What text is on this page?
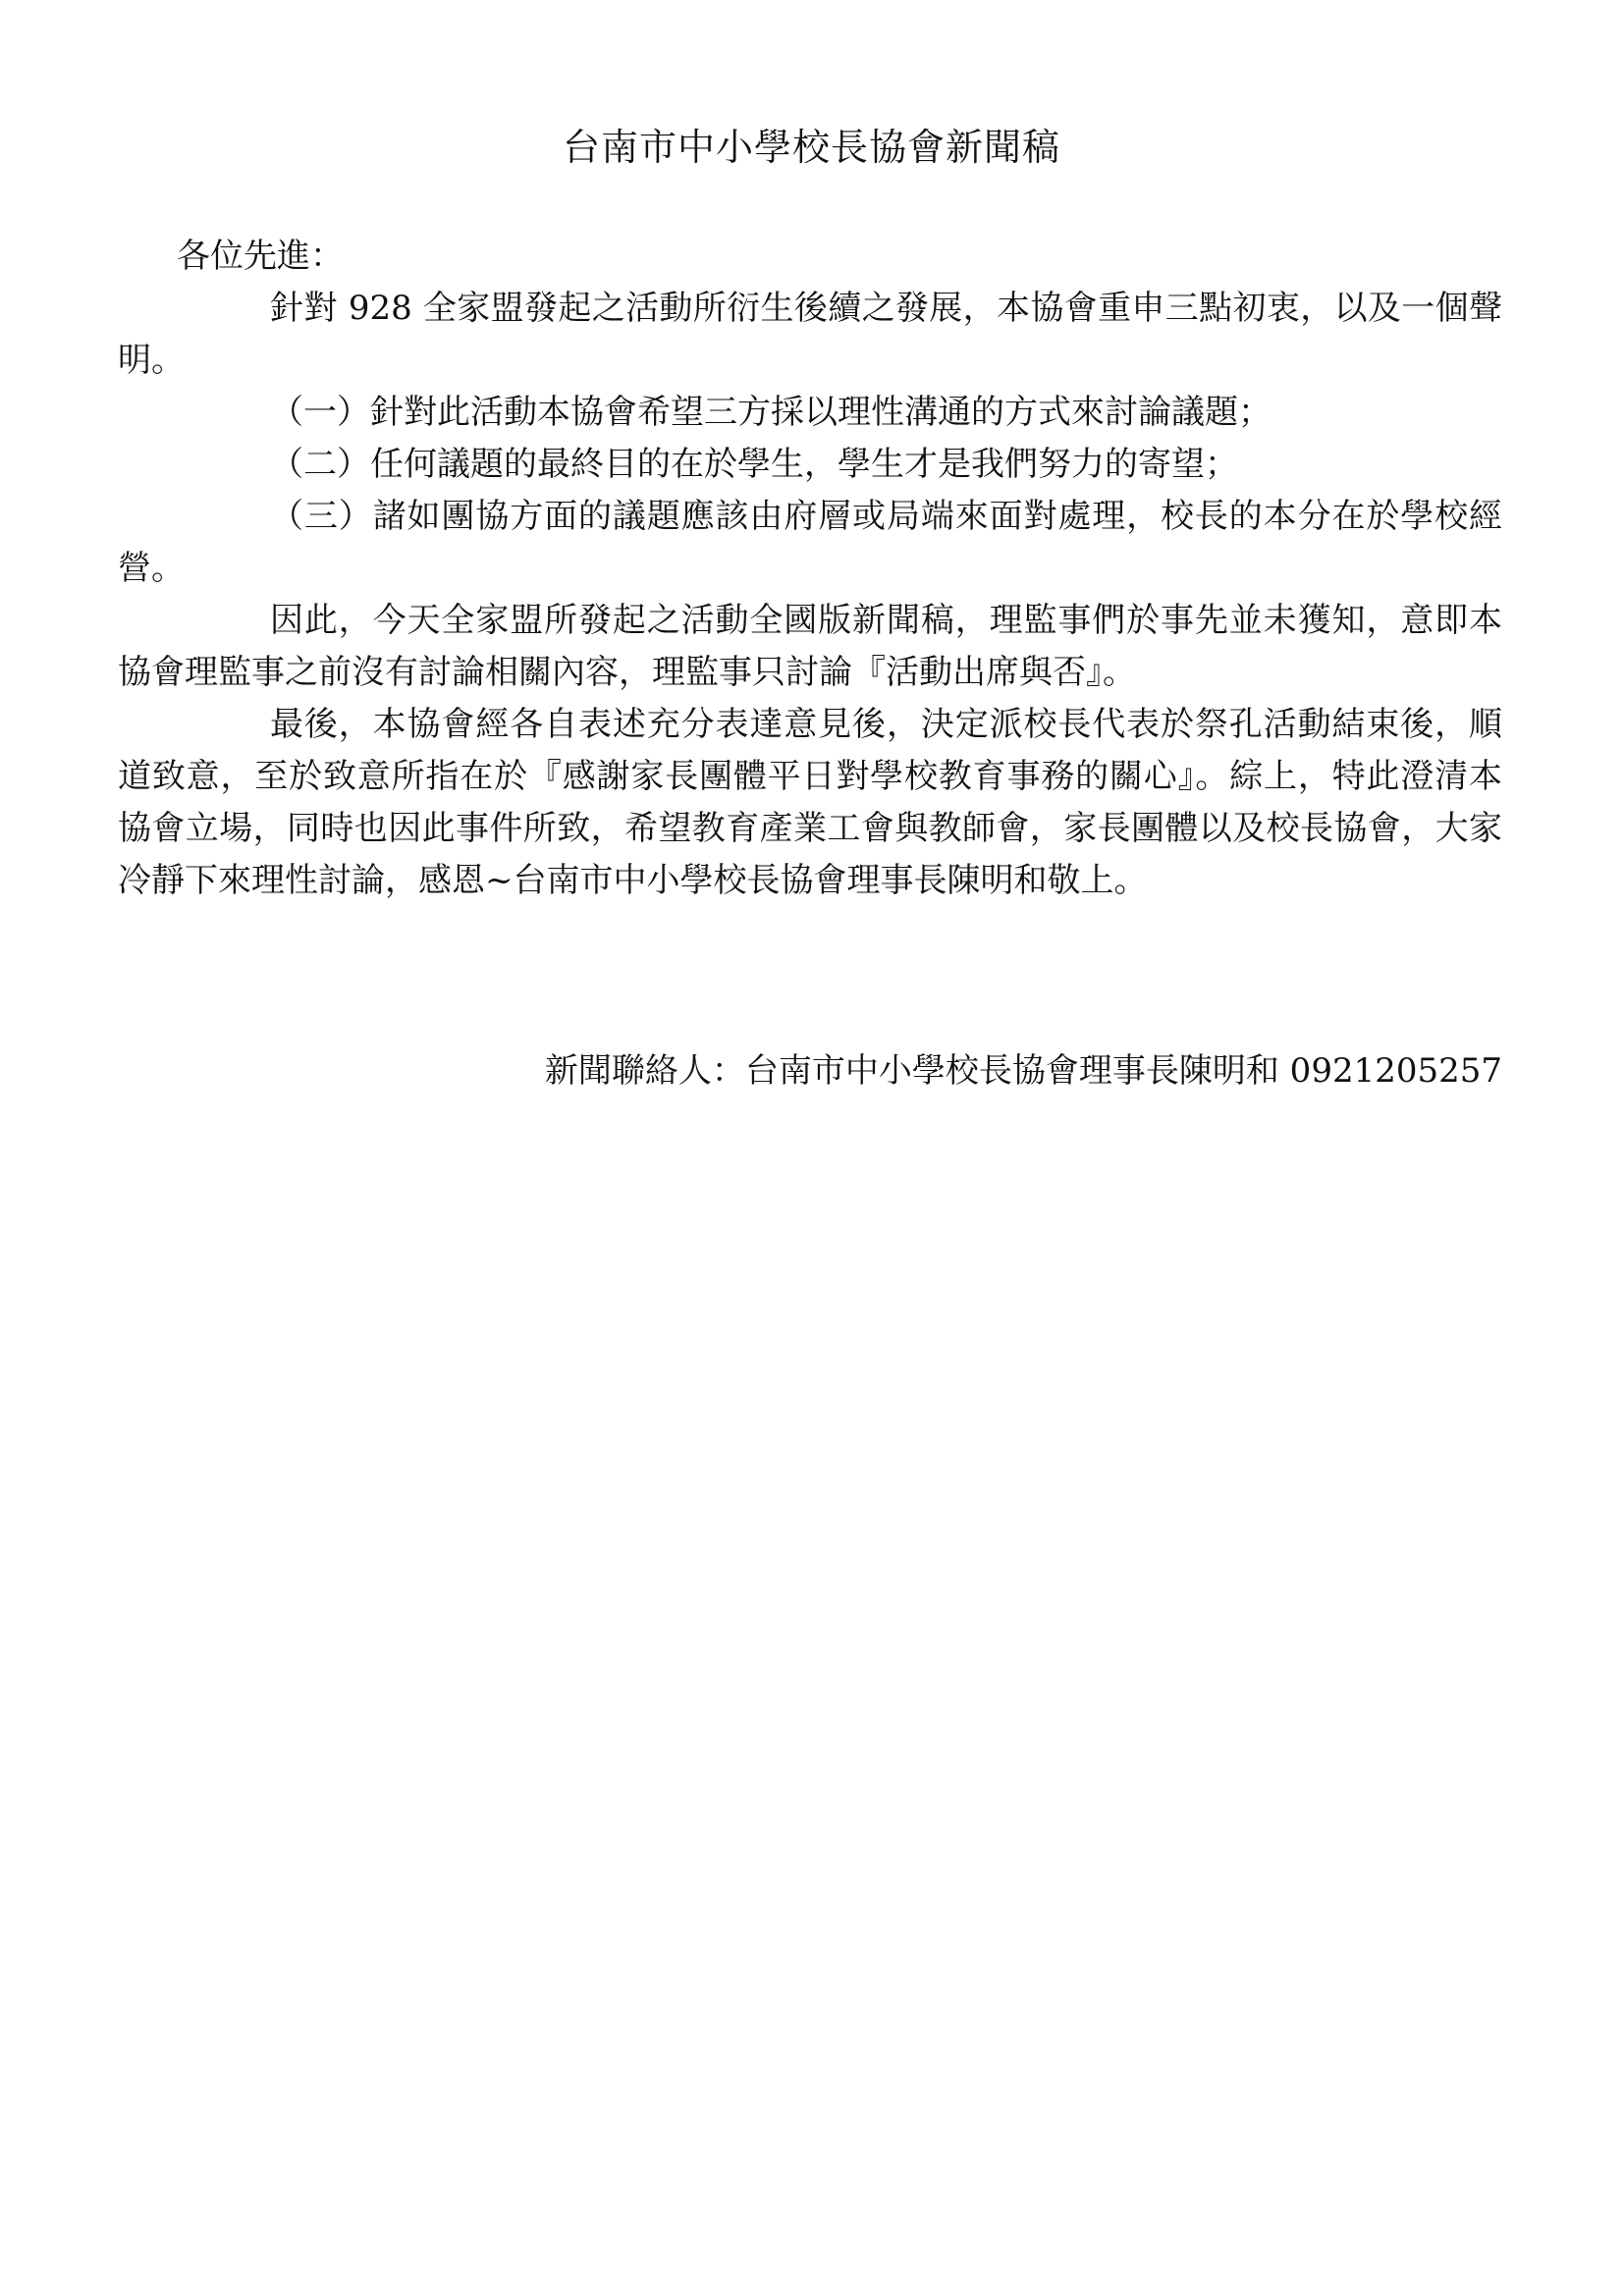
台南市中小學校長協會新聞稿

各位先進：

針對 928 全家盟發起之活動所衍生後續之發展，本協會重申三點初衷，以及一個聲明。

（一）針對此活動本協會希望三方採以理性溝通的方式來討論議題；

（二）任何議題的最終目的在於學生，學生才是我們努力的寄望；

（三）諸如團協方面的議題應該由府層或局端來面對處理，校長的本分在於學校經營。

因此，今天全家盟所發起之活動全國版新聞稿，理監事們於事先並未獲知，意即本協會理監事之前沒有討論相關內容，理監事只討論『活動出席與否』。

最後，本協會經各自表述充分表達意見後，決定派校長代表於祭孔活動結束後，順道致意，至於致意所指在於『感謝家長團體平日對學校教育事務的關心』。綜上，特此澄清本協會立場，同時也因此事件所致，希望教育產業工會與教師會，家長團體以及校長協會，大家冷靜下來理性討論，感恩~台南市中小學校長協會理事長陳明和敬上。

新聞聯絡人：台南市中小學校長協會理事長陳明和 0921205257
